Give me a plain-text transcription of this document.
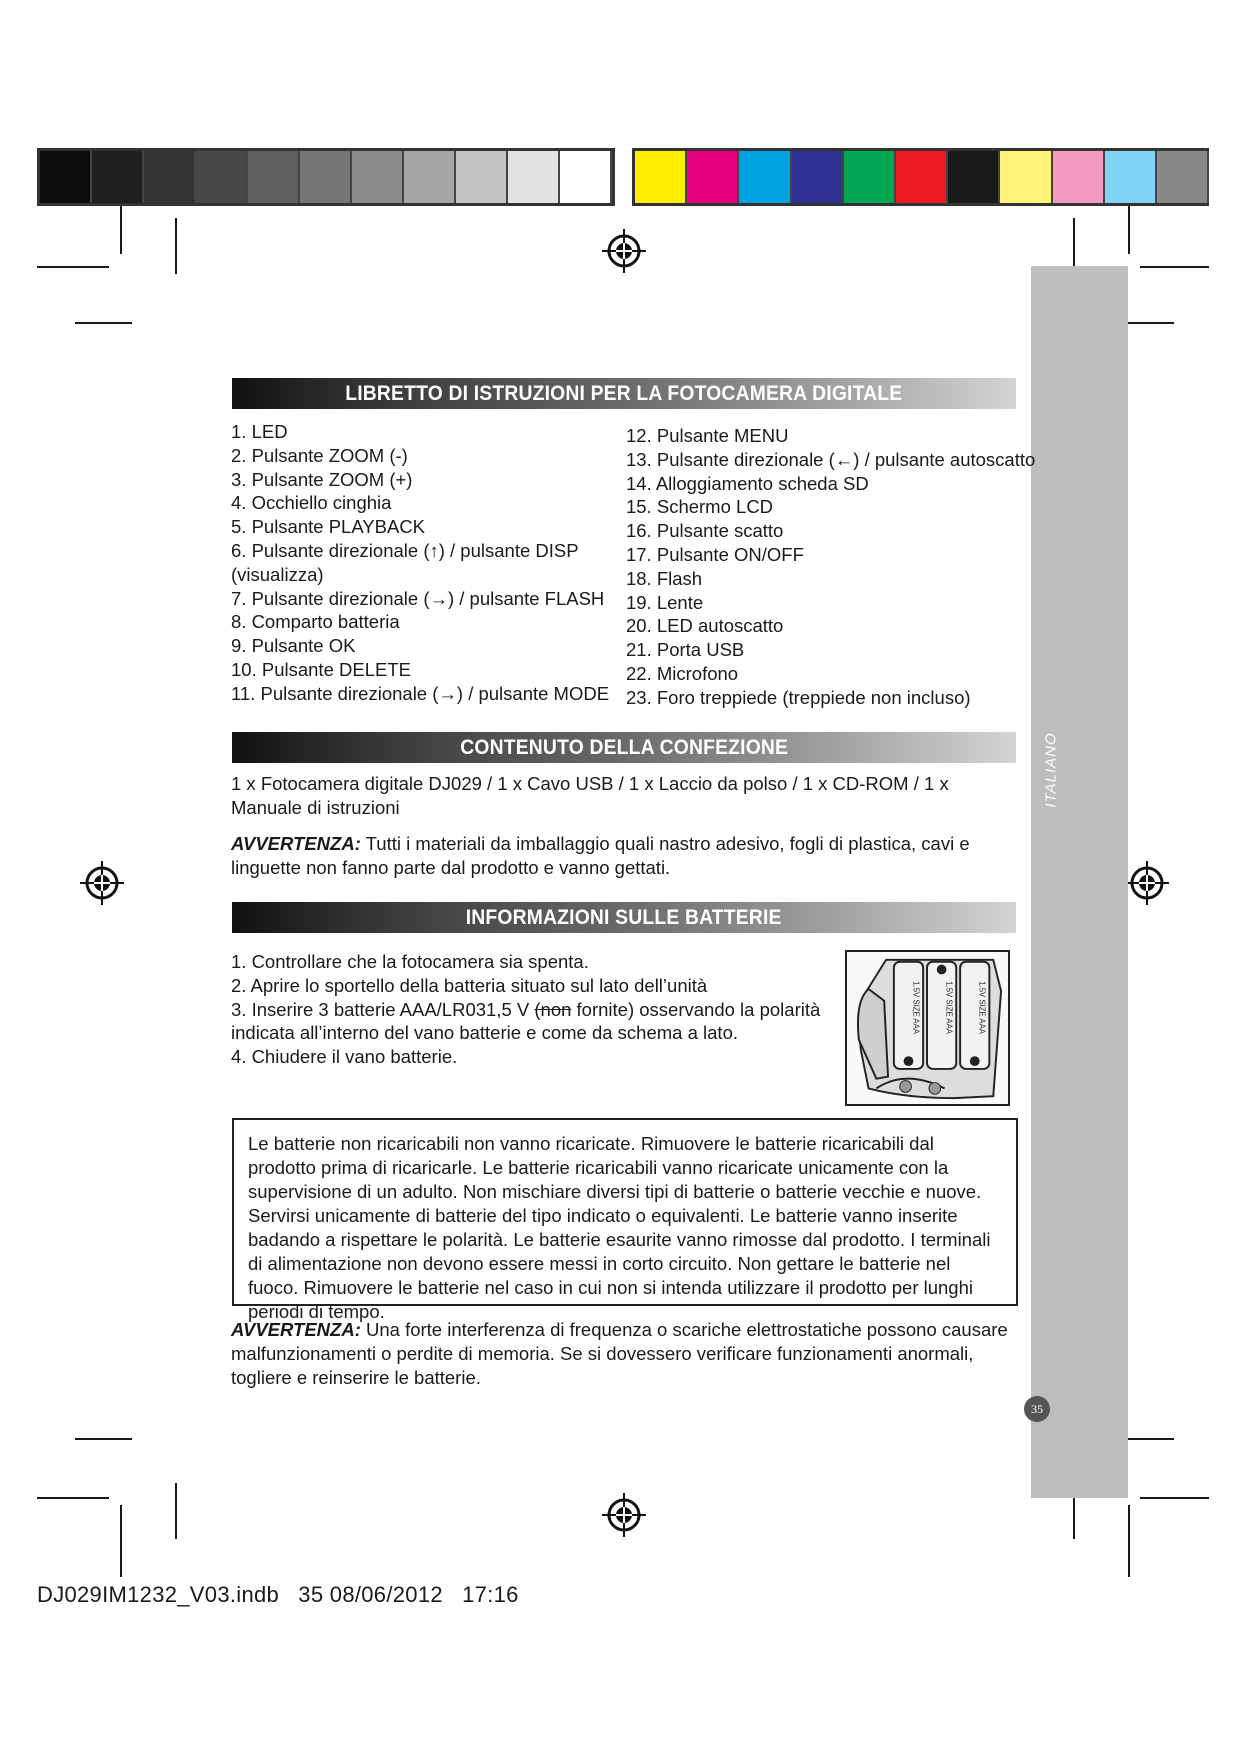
ITALIANO
LIBRETTO DI ISTRUZIONI PER LA FOTOCAMERA DIGITALE
1. LED
2. Pulsante ZOOM (-)
3. Pulsante ZOOM (+)
4. Occhiello cinghia
5. Pulsante PLAYBACK
6. Pulsante direzionale (↑) / pulsante DISP
(visualizza)
7. Pulsante direzionale (→) / pulsante FLASH
8. Comparto batteria
9. Pulsante OK
10. Pulsante DELETE
11. Pulsante direzionale (→) / pulsante MODE
12. Pulsante MENU
13. Pulsante direzionale (←) / pulsante autoscatto
14. Alloggiamento scheda SD
15. Schermo LCD
16. Pulsante scatto
17. Pulsante ON/OFF
18. Flash
19. Lente
20. LED autoscatto
21. Porta USB
22. Microfono
23. Foro treppiede (treppiede non incluso)
CONTENUTO DELLA CONFEZIONE
1 x Fotocamera digitale DJ029 / 1 x Cavo USB / 1 x Laccio da polso / 1 x CD-ROM / 1 x Manuale di istruzioni
AVVERTENZA: Tutti i materiali da imballaggio quali nastro adesivo, fogli di plastica, cavi e linguette non fanno parte dal prodotto e vanno gettati.
INFORMAZIONI SULLE BATTERIE
1. Controllare che la fotocamera sia spenta.
2. Aprire lo sportello della batteria situato sul lato dell’unità
3. Inserire 3 batterie AAA/LR031,5 V (non fornite) osservando la polarità
indicata all’interno del vano batterie e come da schema a lato.
4. Chiudere il vano batterie.
1.5V SIZE AAA	1.5V SIZE AAA	1.5V SIZE AAA
Le batterie non ricaricabili non vanno ricaricate. Rimuovere le batterie ricaricabili dal prodotto prima di ricaricarle. Le batterie ricaricabili vanno ricaricate unicamente con la supervisione di un adulto. Non mischiare diversi tipi di batterie o batterie vecchie e nuove. Servirsi unicamente di batterie del tipo indicato o equivalenti. Le batterie vanno inserite badando a rispettare le polarità. Le batterie esaurite vanno rimosse dal prodotto. I terminali di alimentazione non devono essere messi in corto circuito. Non gettare le batterie nel fuoco. Rimuovere le batterie nel caso in cui non si intenda utilizzare il prodotto per lunghi periodi di tempo.
AVVERTENZA: Una forte interferenza di frequenza o scariche elettrostatiche possono causare malfunzionamenti o perdite di memoria. Se si dovessero verificare funzionamenti anormali, togliere e reinserire le batterie.
35
DJ029IM1232_V03.indb   35 08/06/2012   17:16
